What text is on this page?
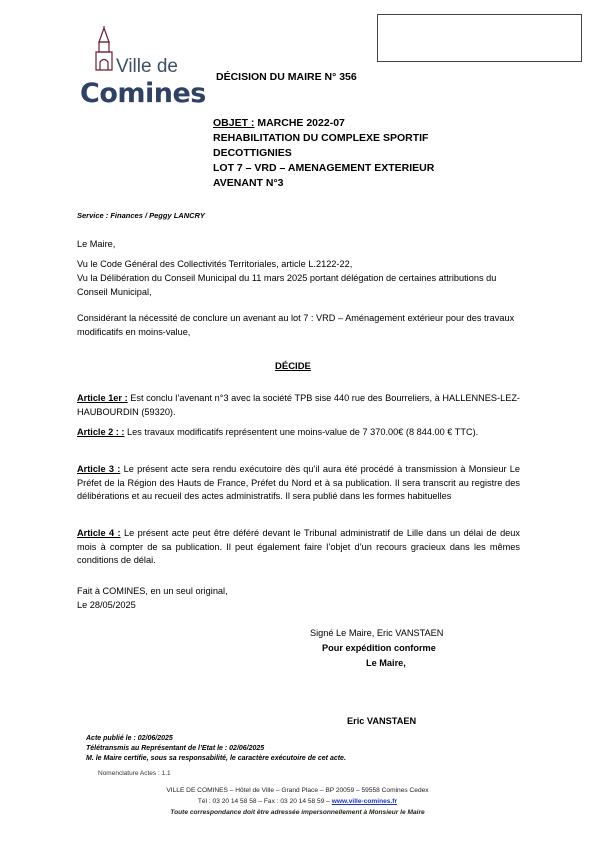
Ville de
Comines
DÉCISION DU MAIRE N° 356
OBJET : MARCHE 2022-07
REHABILITATION DU COMPLEXE SPORTIF
DECOTTIGNIES
LOT 7 – VRD – AMENAGEMENT EXTERIEUR
AVENANT N°3
Service : Finances / Peggy LANCRY
Le Maire,
Vu le Code Général des Collectivités Territoriales, article L.2122-22,
Vu la Délibération du Conseil Municipal du 11 mars 2025 portant délégation de certaines attributions du Conseil Municipal,
Considérant la nécessité de conclure un avenant au lot 7 : VRD – Aménagement extérieur pour des travaux modificatifs en moins-value,
DÉCIDE
Article 1er : Est conclu l’avenant n°3 avec la société TPB sise 440 rue des Bourreliers, à HALLENNES-LEZ-HAUBOURDIN (59320).
Article 2 : : Les travaux modificatifs représentent une moins-value de 7 370.00€ (8 844.00 € TTC).
Article 3 : Le présent acte sera rendu exécutoire dès qu’il aura été procédé à transmission à Monsieur Le Préfet de la Région des Hauts de France, Préfet du Nord et à sa publication. Il sera transcrit au registre des délibérations et au recueil des actes administratifs. Il sera publié dans les formes habituelles
Article 4 : Le présent acte peut être déféré devant le Tribunal administratif de Lille dans un délai de deux mois à compter de sa publication. Il peut également faire l’objet d’un recours gracieux dans les mêmes conditions de délai.
Fait à COMINES, en un seul original,
Le 28/05/2025
Signé Le Maire, Eric VANSTAEN
Pour expédition conforme
Le Maire,
Eric VANSTAEN
Acte publié le : 02/06/2025
Télétransmis au Représentant de l’Etat le : 02/06/2025
M. le Maire certifie, sous sa responsabilité, le caractère exécutoire de cet acte.
Nomenclature Actes : 1.1
VILLE DE COMINES – Hôtel de Ville – Grand Place – BP 20059 – 59558 Comines Cedex
Tél : 03 20 14 58 58 – Fax : 03 20 14 58 59 – www.ville-comines.fr
Toute correspondance doit être adressée impersonnellement à Monsieur le Maire
